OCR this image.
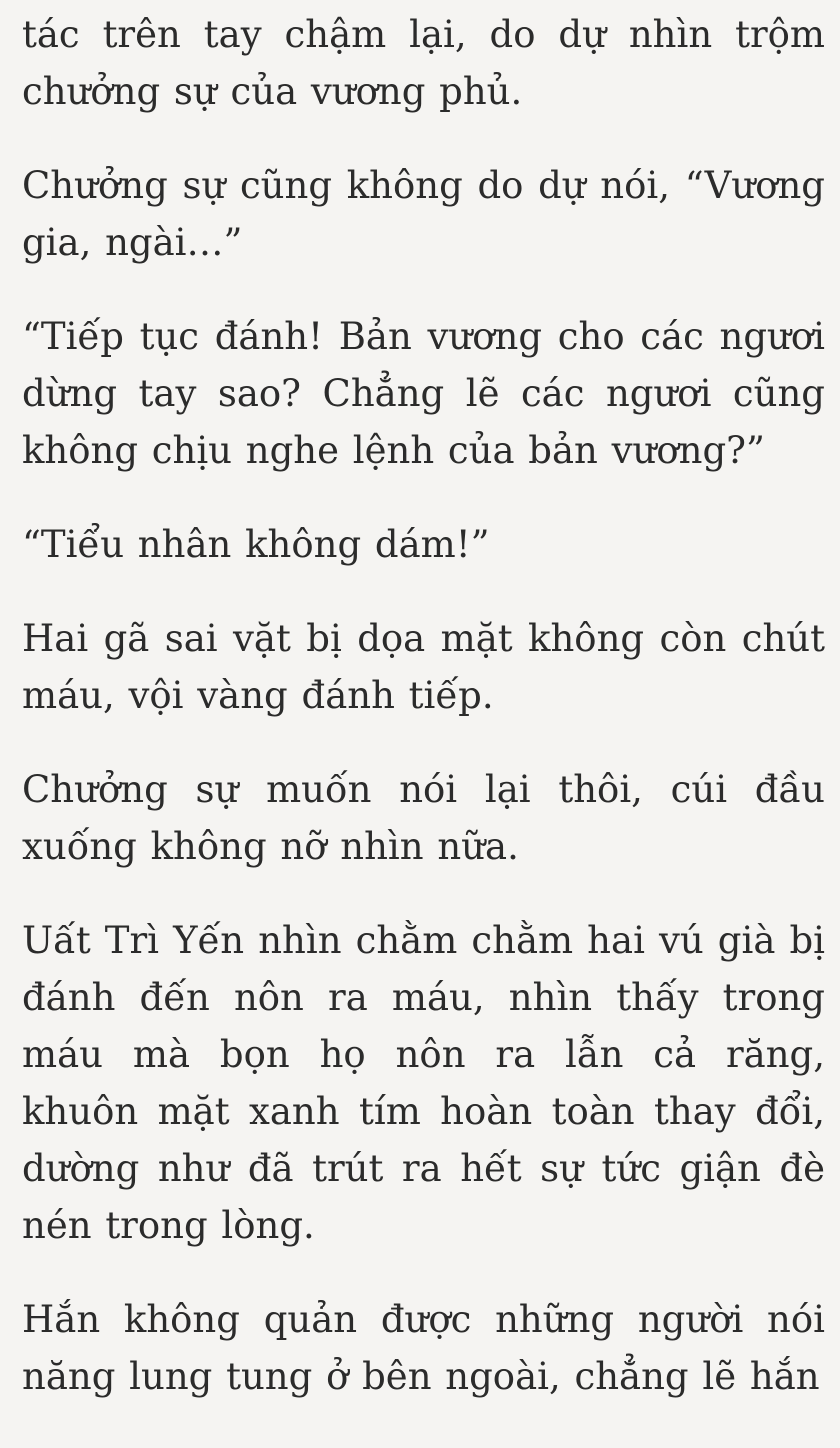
tác trên tay chậm lại, do dự nhìn trộm chưởng sự của vương phủ.

Chưởng sự cũng không do dự nói, “Vương gia, ngài…”

“Tiếp tục đánh! Bản vương cho các ngươi dừng tay sao? Chẳng lẽ các ngươi cũng không chịu nghe lệnh của bản vương?”

“Tiểu nhân không dám!”

Hai gã sai vặt bị dọa mặt không còn chút máu, vội vàng đánh tiếp.

Chưởng sự muốn nói lại thôi, cúi đầu xuống không nỡ nhìn nữa.

Uất Trì Yến nhìn chằm chằm hai vú già bị đánh đến nôn ra máu, nhìn thấy trong máu mà bọn họ nôn ra lẫn cả răng, khuôn mặt xanh tím hoàn toàn thay đổi, dường như đã trút ra hết sự tức giận đè nén trong lòng.

Hắn không quản được những người nói năng lung tung ở bên ngoài, chẳng lẽ hắn
